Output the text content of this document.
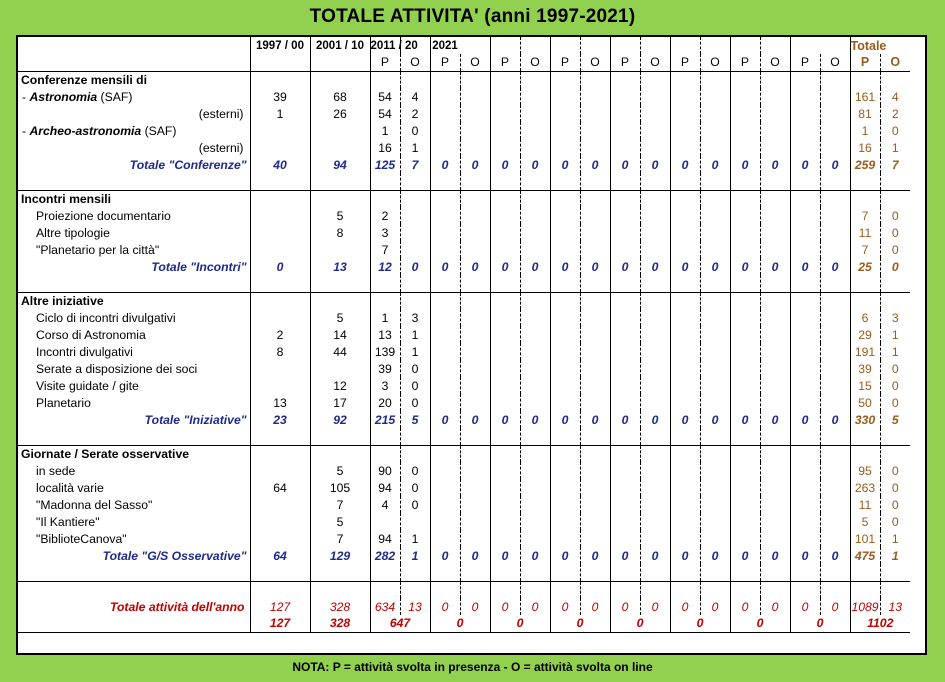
TOTALE ATTIVITA' (anni 1997-2021)
	1997 / 00	2001 / 10	2011 / 20		2021														Totale	
			P	O	P	O	P	O	P	O	P	O	P	O	P	O	P	O	P	O
Conferenze mensili di																				
- Astronomia (SAF)	39	68	54	4															161	4
(esterni)	1	26	54	2															81	2
- Archeo-astronomia (SAF)			1	0															1	0
(esterni)			16	1															16	1
Totale "Conferenze"	40	94	125	7	0	0	0	0	0	0	0	0	0	0	0	0	0	0	259	7

Incontri mensili																				
Proiezione documentario		5	2																7	0
Altre tipologie		8	3																11	0
"Planetario per la città"			7																7	0
Totale "Incontri"	0	13	12	0	0	0	0	0	0	0	0	0	0	0	0	0	0	0	25	0

Altre iniziative																				
Ciclo di incontri divulgativi		5	1	3															6	3
Corso di Astronomia	2	14	13	1															29	1
Incontri divulgativi	8	44	139	1															191	1
Serate a disposizione dei soci			39	0															39	0
Visite guidate / gite		12	3	0															15	0
Planetario	13	17	20	0															50	0
Totale "Iniziative"	23	92	215	5	0	0	0	0	0	0	0	0	0	0	0	0	0	0	330	5

Giornate / Serate osservative																				
in sede		5	90	0															95	0
località varie	64	105	94	0															263	0
"Madonna del Sasso"		7	4	0															11	0
"Il Kantiere"		5																	5	0
"BiblioteCanova"		7	94	1															101	1
Totale "G/S Osservative"	64	129	282	1	0	0	0	0	0	0	0	0	0	0	0	0	0	0	475	1

Totale attività dell'anno	127	328	634	13	0	0	0	0	0	0	0	0	0	0	0	0	0	0	1089	13
	127	328	647		0		0		0		0		0		0		0		1102	
NOTA: P = attività svolta in presenza - O = attività svolta on line
